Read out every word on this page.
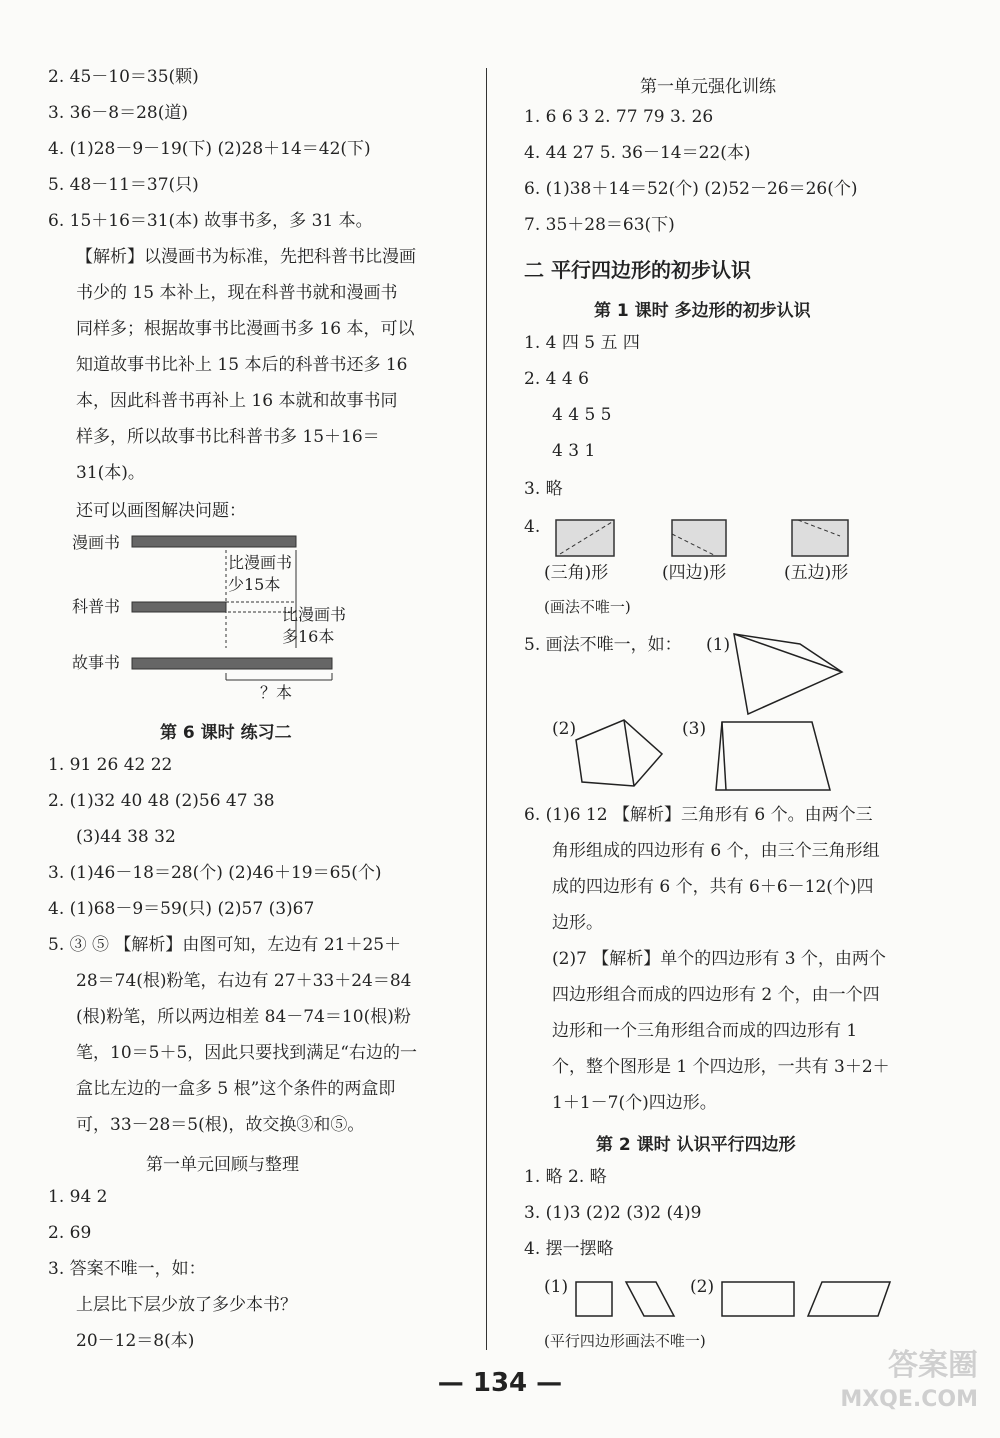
2. 45－10＝35(颗)
3. 36－8＝28(道)
4. (1)28－9－19(下) (2)28＋14＝42(下)
5. 48－11＝37(只)
6. 15＋16＝31(本) 故事书多，多 31 本。
【解析】以漫画书为标准，先把科普书比漫画
书少的 15 本补上，现在科普书就和漫画书
同样多；根据故事书比漫画书多 16 本，可以
知道故事书比补上 15 本后的科普书还多 16
本，因此科普书再补上 16 本就和故事书同
样多，所以故事书比科普书多 15＋16＝
31(本)。
还可以画图解决问题：
漫画书
比漫画书
少15本
科普书	比漫画书
多16本
故事书
？本
第 6 课时 练习二
1. 91 26 42 22
2. (1)32 40 48 (2)56 47 38
(3)44 38 32
3. (1)46－18＝28(个) (2)46＋19＝65(个)
4. (1)68－9＝59(只) (2)57 (3)67
5. ③ ⑤ 【解析】由图可知，左边有 21＋25＋
28＝74(根)粉笔，右边有 27＋33＋24＝84
(根)粉笔，所以两边相差 84－74＝10(根)粉
笔，10＝5＋5，因此只要找到满足“右边的一
盒比左边的一盒多 5 根”这个条件的两盒即
可，33－28＝5(根)，故交换③和⑤。
第一单元回顾与整理
1. 94 2
2. 69
3. 答案不唯一，如：
上层比下层少放了多少本书？
20－12＝8(本)
第一单元强化训练
1. 6 6 3 2. 77 79 3. 26
4. 44 27 5. 36－14＝22(本)
6. (1)38＋14＝52(个) (2)52－26＝26(个)
7. 35＋28＝63(下)
二 平行四边形的初步认识
第 1 课时 多边形的初步认识
1. 4 四 5 五 四
2. 4 4 6
4 4 5 5
4 3 1
3. 略
4.
(三角)形	(四边)形	(五边)形
(画法不唯一)
5. 画法不唯一，如： (1)
(2)	(3)
6. (1)6 12 【解析】三角形有 6 个。由两个三
角形组成的四边形有 6 个，由三个三角形组
成的四边形有 6 个，共有 6＋6－12(个)四
边形。
(2)7 【解析】单个的四边形有 3 个，由两个
四边形组合而成的四边形有 2 个，由一个四
边形和一个三角形组合而成的四边形有 1
个，整个图形是 1 个四边形，一共有 3＋2＋
1＋1－7(个)四边形。
第 2 课时 认识平行四边形
1. 略 2. 略
3. (1)3 (2)2 (3)2 (4)9
4. 摆一摆略
(1)	(2)
(平行四边形画法不唯一)
— 134 —	答案圈
MXQE.COM
